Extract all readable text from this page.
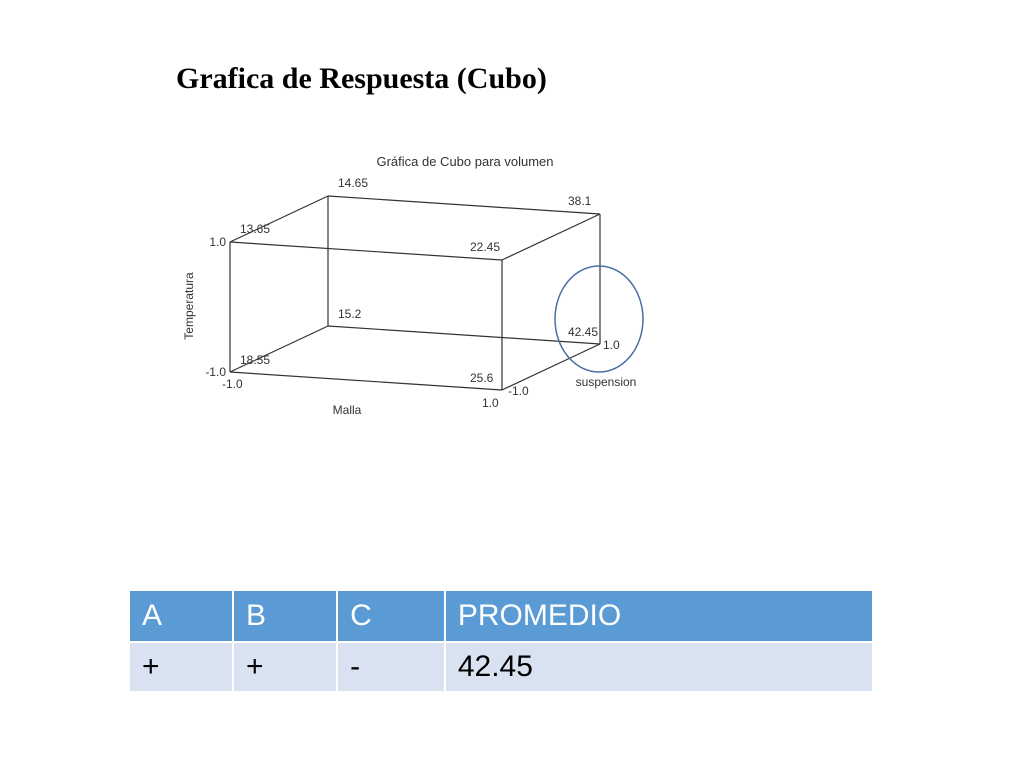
Grafica de Respuesta (Cubo)
Gráfica de Cubo para volumen
18.55
25.6
15.2
42.45
13.65
22.45
14.65
38.1
-1.0
1.0
-1.0
1.0
-1.0
1.0
Malla
suspension
Temperatura
A	B	C	PROMEDIO
+	+	-	42.45
